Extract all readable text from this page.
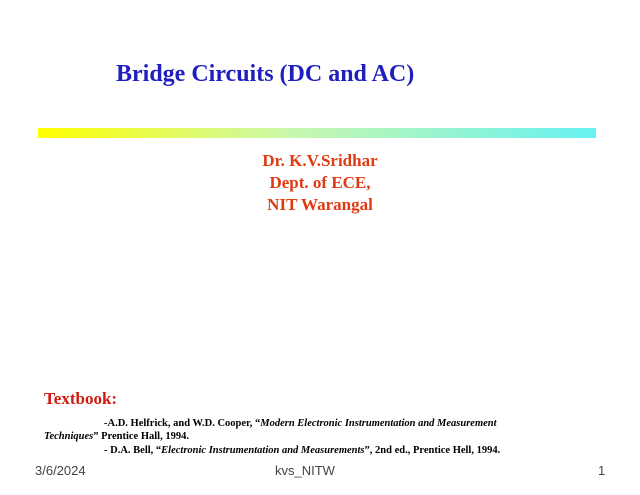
Bridge Circuits (DC and AC)
Dr. K.V.Sridhar
Dept. of ECE,
NIT Warangal
Textbook:
-A.D. Helfrick, and W.D. Cooper, “Modern Electronic Instrumentation and Measurement
Techniques” Prentice Hall, 1994.
- D.A. Bell, “Electronic Instrumentation and Measurements”, 2nd ed., Prentice Hell, 1994.
3/6/2024	kvs_NITW	1
